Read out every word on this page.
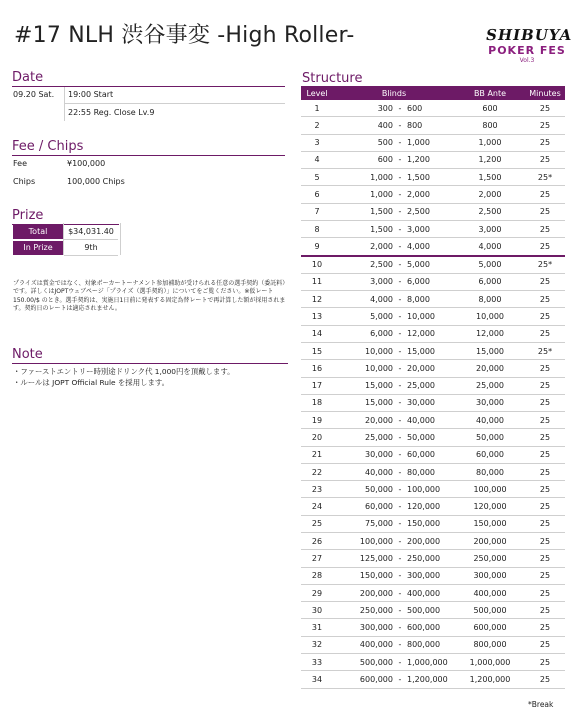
#17 NLH 渋谷事変 -High Roller-	SHIBUYA
POKER FES
Vol.3
Date
09.20 Sat. 19:00 Start
22:55 Reg. Close Lv.9
Fee / Chips
Fee	¥100,000
Chips	100,000 Chips
Prize
Total	$34,031.40
In Prize	9th
プライズは賞金ではなく、対象ポーカートーナメント参加補助が受けられる任意の選手契約（委託料）です。詳しくはJOPTウェブページ「プライズ（選手契約）」についてをご覧ください。※仮レート 150.00/$ のとき。選手契約は、実施日1日前に発表する固定為替レートで再計算した額が採用されます。契約日のレートは適応されません。
Note
・ファーストエントリー時別途ドリンク代 1,000円を頂戴します。
・ルールは JOPT Official Rule を採用します。
Structure
Level	Blinds	BB Ante	Minutes
1	300 - 600	600	25
2	400 - 800	800	25
3	500 - 1,000	1,000	25
4	600 - 1,200	1,200	25
5	1,000 - 1,500	1,500	25*
6	1,000 - 2,000	2,000	25
7	1,500 - 2,500	2,500	25
8	1,500 - 3,000	3,000	25
9	2,000 - 4,000	4,000	25
10	2,500 - 5,000	5,000	25*
11	3,000 - 6,000	6,000	25
12	4,000 - 8,000	8,000	25
13	5,000 - 10,000	10,000	25
14	6,000 - 12,000	12,000	25
15	10,000 - 15,000	15,000	25*
16	10,000 - 20,000	20,000	25
17	15,000 - 25,000	25,000	25
18	15,000 - 30,000	30,000	25
19	20,000 - 40,000	40,000	25
20	25,000 - 50,000	50,000	25
21	30,000 - 60,000	60,000	25
22	40,000 - 80,000	80,000	25
23	50,000 - 100,000	100,000	25
24	60,000 - 120,000	120,000	25
25	75,000 - 150,000	150,000	25
26	100,000 - 200,000	200,000	25
27	125,000 - 250,000	250,000	25
28	150,000 - 300,000	300,000	25
29	200,000 - 400,000	400,000	25
30	250,000 - 500,000	500,000	25
31	300,000 - 600,000	600,000	25
32	400,000 - 800,000	800,000	25
33	500,000 - 1,000,000	1,000,000	25
34	600,000 - 1,200,000	1,200,000	25
*Break
